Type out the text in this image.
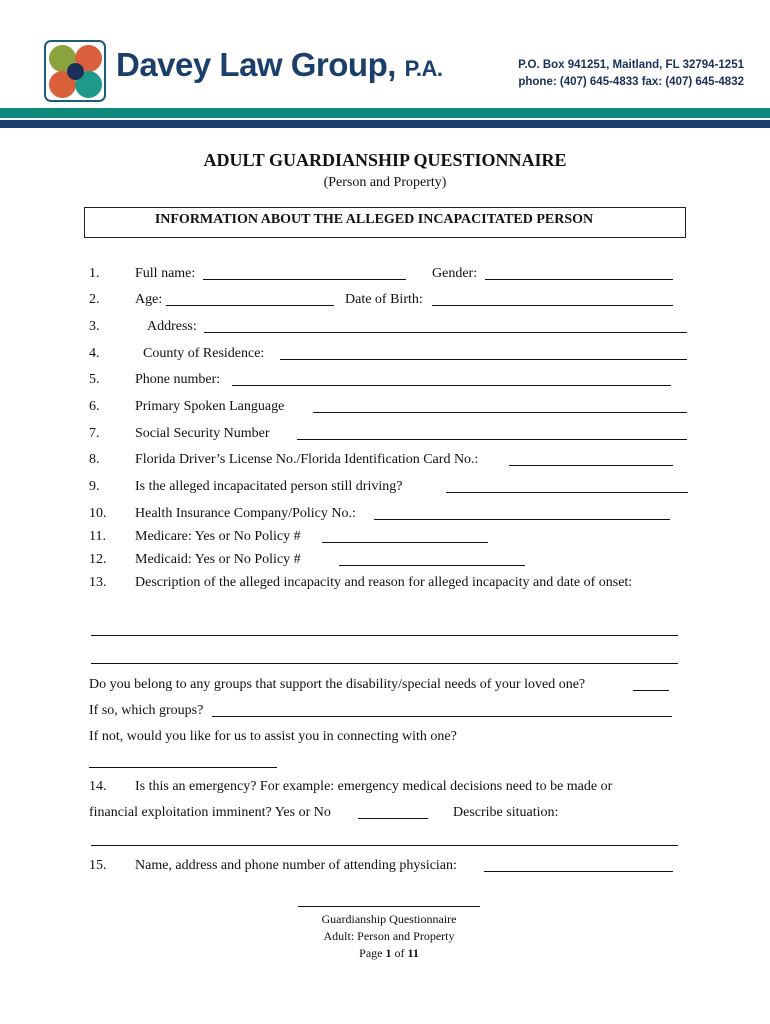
Davey Law Group, P.A.	P.O. Box 941251, Maitland, FL 32794-1251
phone: (407) 645-4833 fax: (407) 645-4832
ADULT GUARDIANSHIP QUESTIONNAIRE
(Person and Property)
INFORMATION ABOUT THE ALLEGED INCAPACITATED PERSON
1.	Full name:	Gender:
2.	Age:	Date of Birth:
3.	Address:
4.	County of Residence:
5.	Phone number:
6.	Primary Spoken Language
7.	Social Security Number
8.	Florida Driver’s License No./Florida Identification Card No.:
9.	Is the alleged incapacitated person still driving?
10. Health Insurance Company/Policy No.:
11. Medicare: Yes or No Policy #
12. Medicaid: Yes or No Policy #
13. Description of the alleged incapacity and reason for alleged incapacity and date of onset:
Do you belong to any groups that support the disability/special needs of your loved one?
If so, which groups?
If not, would you like for us to assist you in connecting with one?
14. Is this an emergency? For example: emergency medical decisions need to be made or
financial exploitation imminent? Yes or No	Describe situation:
15. Name, address and phone number of attending physician:
Guardianship Questionnaire
Adult: Person and Property
Page 1 of 11
